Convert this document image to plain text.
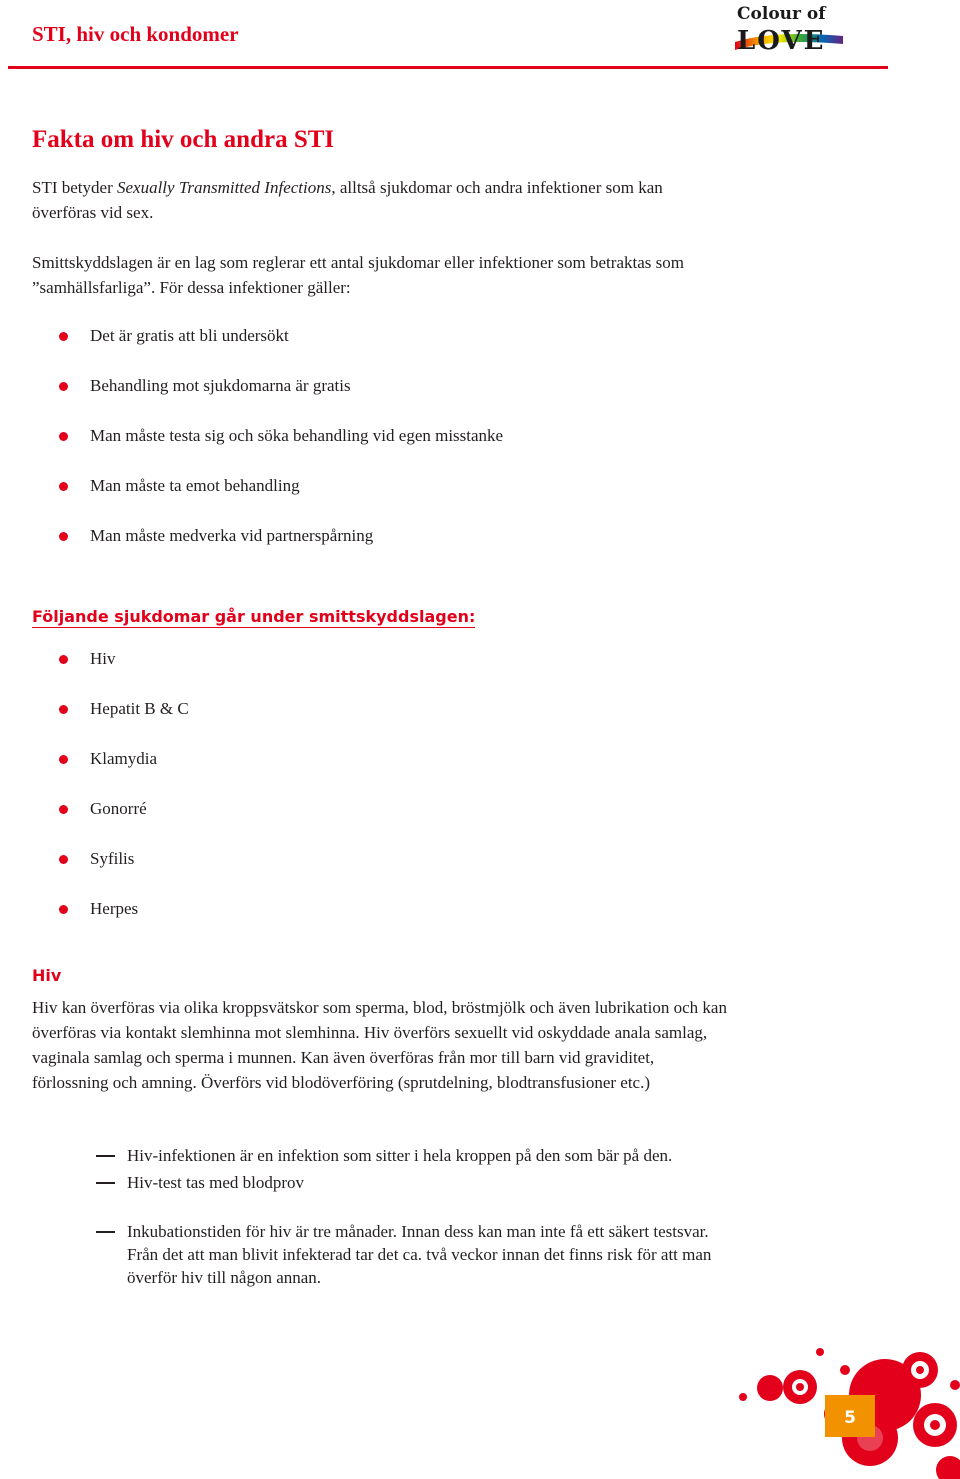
STI, hiv och kondomer
Colour of
LOVE
Fakta om hiv och andra STI

STI betyder Sexually Transmitted Infections, alltså sjukdomar och andra infektioner som kan överföras vid sex.

Smittskyddslagen är en lag som reglerar ett antal sjukdomar eller infektioner som betraktas som ”samhällsfarliga”. För dessa infektioner gäller:

Det är gratis att bli undersökt
Behandling mot sjukdomarna är gratis
Man måste testa sig och söka behandling vid egen misstanke
Man måste ta emot behandling
Man måste medverka vid partnerspårning
Följande sjukdomar går under smittskyddslagen:
Hiv
Hepatit B & C
Klamydia
Gonorré
Syfilis
Herpes
Hiv

Hiv kan överföras via olika kroppsvätskor som sperma, blod, bröstmjölk och även lubrikation och kan överföras via kontakt slemhinna mot slemhinna. Hiv överförs sexuellt vid oskyddade anala samlag, vaginala samlag och sperma i munnen. Kan även överföras från mor till barn vid graviditet, förlossning och amning. Överförs vid blodöverföring (sprutdelning, blodtransfusioner etc.)

Hiv-infektionen är en infektion som sitter i hela kroppen på den som bär på den.
Hiv-test tas med blodprov
Inkubationstiden för hiv är tre månader. Innan dess kan man inte få ett säkert testsvar. Från det att man blivit infekterad tar det ca. två veckor innan det finns risk för att man överför hiv till någon annan.
5
